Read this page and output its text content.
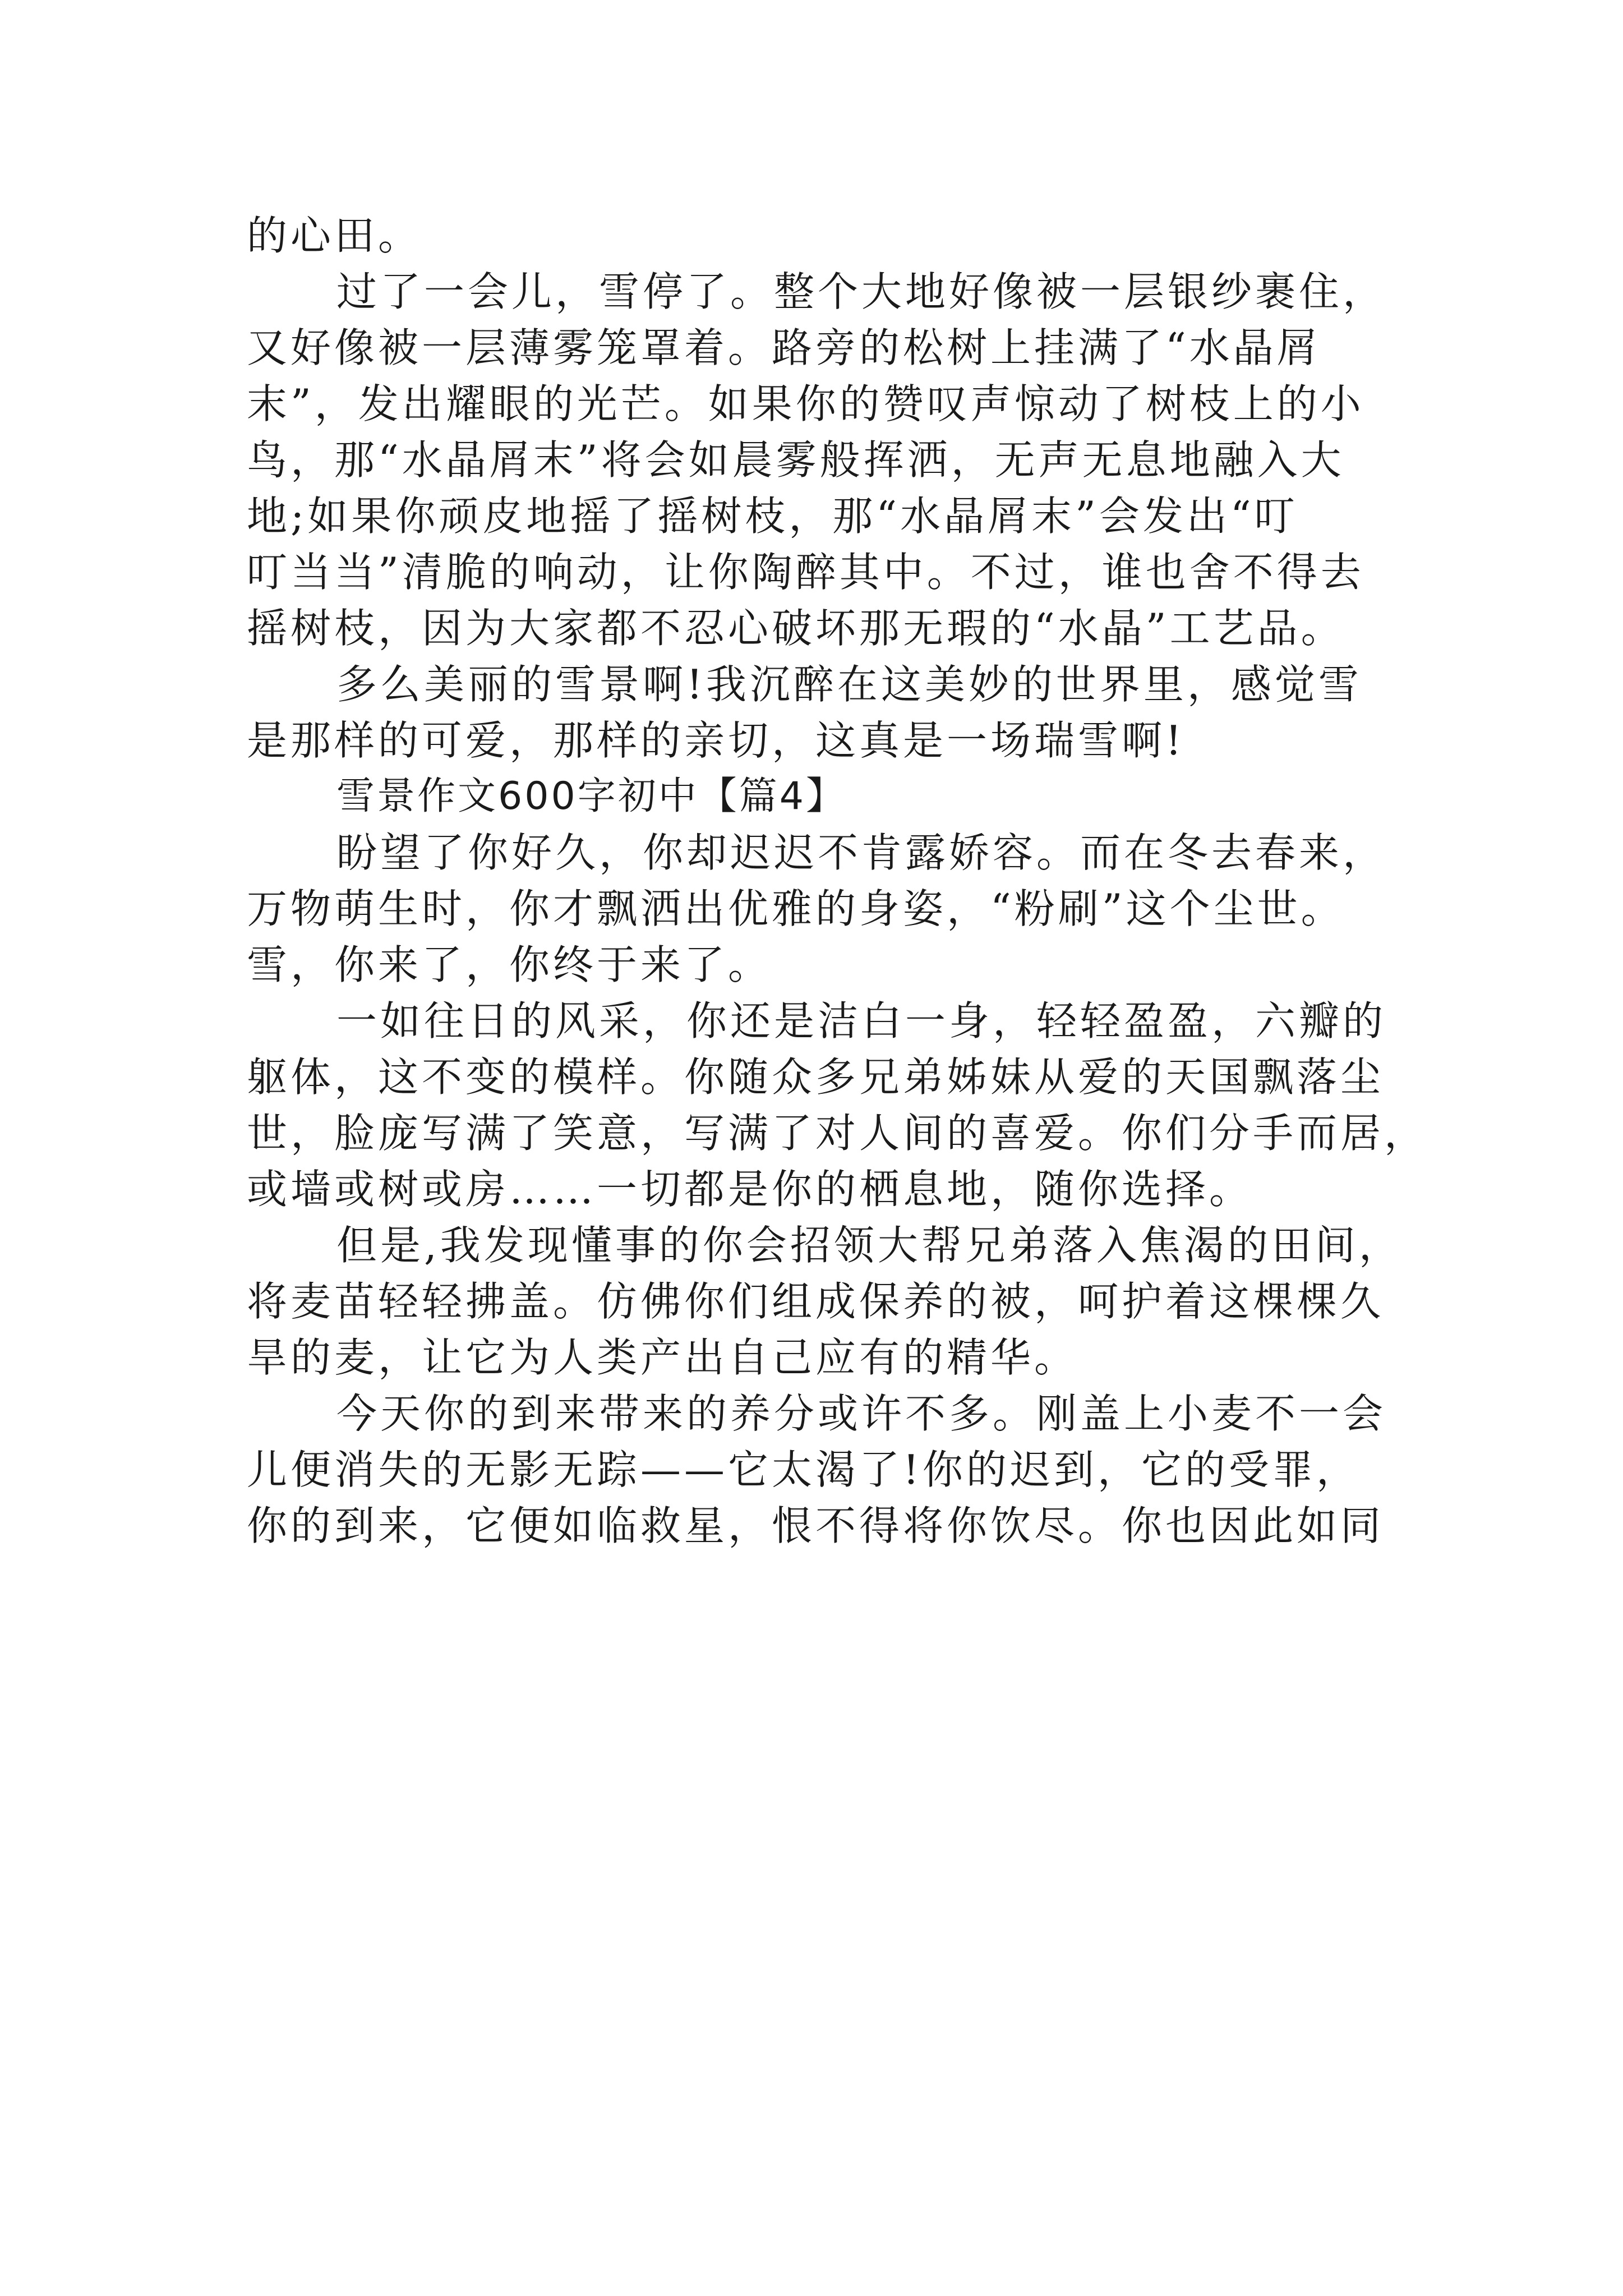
的心田。
过了一会儿，雪停了。整个大地好像被一层银纱裹住，
又好像被一层薄雾笼罩着。路旁的松树上挂满了“水晶屑
末”，发出耀眼的光芒。如果你的赞叹声惊动了树枝上的小
鸟，那“水晶屑末”将会如晨雾般挥洒，无声无息地融入大
地;如果你顽皮地摇了摇树枝，那“水晶屑末”会发出“叮
叮当当”清脆的响动，让你陶醉其中。不过，谁也舍不得去
摇树枝，因为大家都不忍心破坏那无瑕的“水晶”工艺品。
多么美丽的雪景啊!我沉醉在这美妙的世界里，感觉雪
是那样的可爱，那样的亲切，这真是一场瑞雪啊!
雪景作文600字初中【篇4】
盼望了你好久，你却迟迟不肯露娇容。而在冬去春来，
万物萌生时，你才飘洒出优雅的身姿，“粉刷”这个尘世。
雪，你来了，你终于来了。
一如往日的风采，你还是洁白一身，轻轻盈盈，六瓣的
躯体，这不变的模样。你随众多兄弟姊妹从爱的天国飘落尘
世，脸庞写满了笑意，写满了对人间的喜爱。你们分手而居，
或墙或树或房……一切都是你的栖息地，随你选择。
但是,我发现懂事的你会招领大帮兄弟落入焦渴的田间，
将麦苗轻轻拂盖。仿佛你们组成保养的被，呵护着这棵棵久
旱的麦，让它为人类产出自己应有的精华。
今天你的到来带来的养分或许不多。刚盖上小麦不一会
儿便消失的无影无踪——它太渴了!你的迟到，它的受罪，
你的到来，它便如临救星，恨不得将你饮尽。你也因此如同
